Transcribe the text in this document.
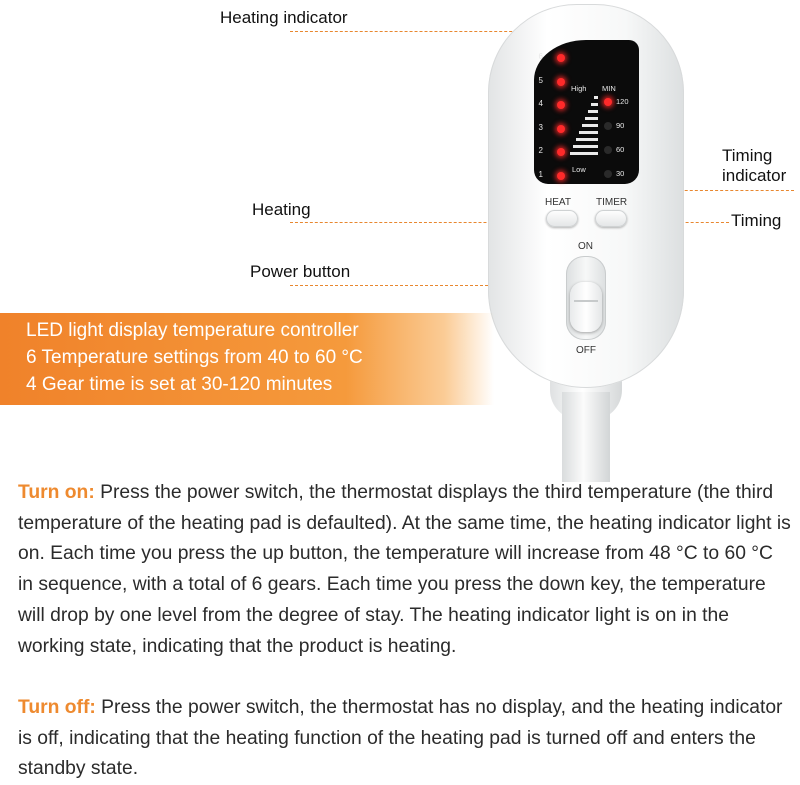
Heating indicator
Timing
indicator
Heating
Timing
Power button
6
5
4
3
2
1
High
Low
MIN
120
90
60
30
HEAT	TIMER
ON
OFF
LED light display temperature controller
6 Temperature settings from 40 to 60 °C
4 Gear time is set at 30-120 minutes
Turn on: Press the power switch, the thermostat displays the third temperature (the third temperature of the heating pad is defaulted). At the same time, the heating indicator light is on. Each time you press the up button, the temperature will increase from 48 °C to 60 °C in sequence, with a total of 6 gears. Each time you press the down key, the temperature will drop by one level from the degree of stay. The heating indicator light is on in the working state, indicating that the product is heating.
Turn off: Press the power switch, the thermostat has no display, and the heating indicator is off, indicating that the heating function of the heating pad is turned off and enters the standby state.
